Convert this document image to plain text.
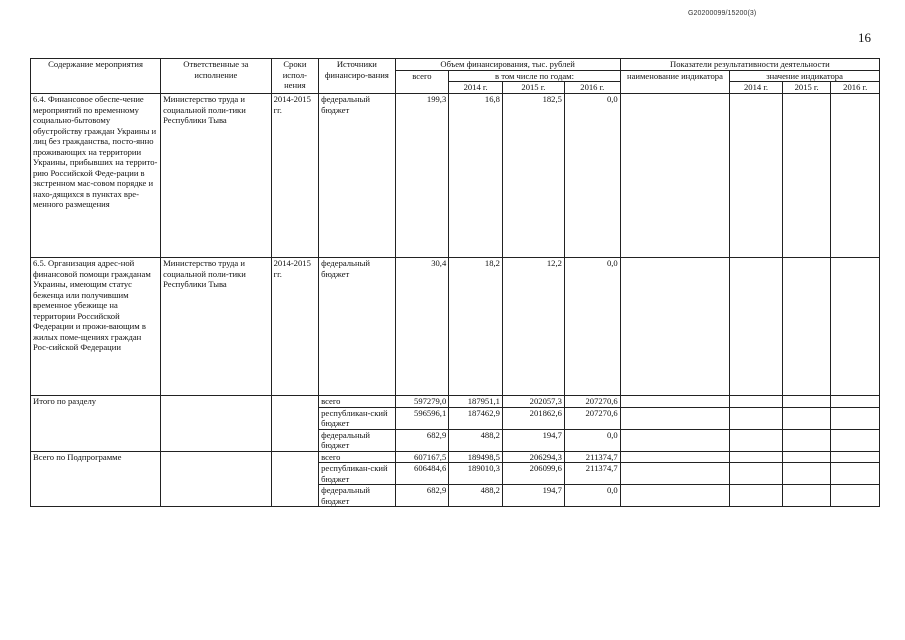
G20200099/15200(3)
16
Содержание мероприятия	Ответственные за исполнение	Сроки испол-нения	Источники финансиро-вания	Объем финансирования, тыс. рублей				Показатели результативности деятельности			
				всего	в том числе по годам:			наименование индикатора	значение индикатора		
					2014 г.	2015 г.	2016 г.		2014 г.	2015 г.	2016 г.
6.4. Финансовое обеспе-чение мероприятий по временному социально-бытовому обустройству граждан Украины и лиц без гражданства, посто-янно проживающих на территории Украины, прибывших на террито-рию Российской Феде-рации в экстренном мас-совом порядке и нахо-дящихся в пунктах вре-менного размещения	Министерство труда и социальной поли-тики Республики Тыва	2014-2015 гг.	федеральный бюджет	199,3	16,8	182,5	0,0				
6.5. Организация адрес-ной финансовой помощи гражданам Украины, имеющим статус беженца или получившим временное убежище на территории Российской Федерации и прожи-вающим в жилых поме-щениях граждан Рос-сийской Федерации	Министерство труда и социальной поли-тики Республики Тыва	2014-2015 гг.	федеральный бюджет	30,4	18,2	12,2	0,0				
Итого по разделу			всего	597279,0	187951,1	202057,3	207270,6				
			республикан-ский бюджет	596596,1	187462,9	201862,6	207270,6				
			федеральный бюджет	682,9	488,2	194,7	0,0				
Всего по Подпрограмме			всего	607167,5	189498,5	206294,3	211374,7				
			республикан-ский бюджет	606484,6	189010,3	206099,6	211374,7				
			федеральный бюджет	682,9	488,2	194,7	0,0				
